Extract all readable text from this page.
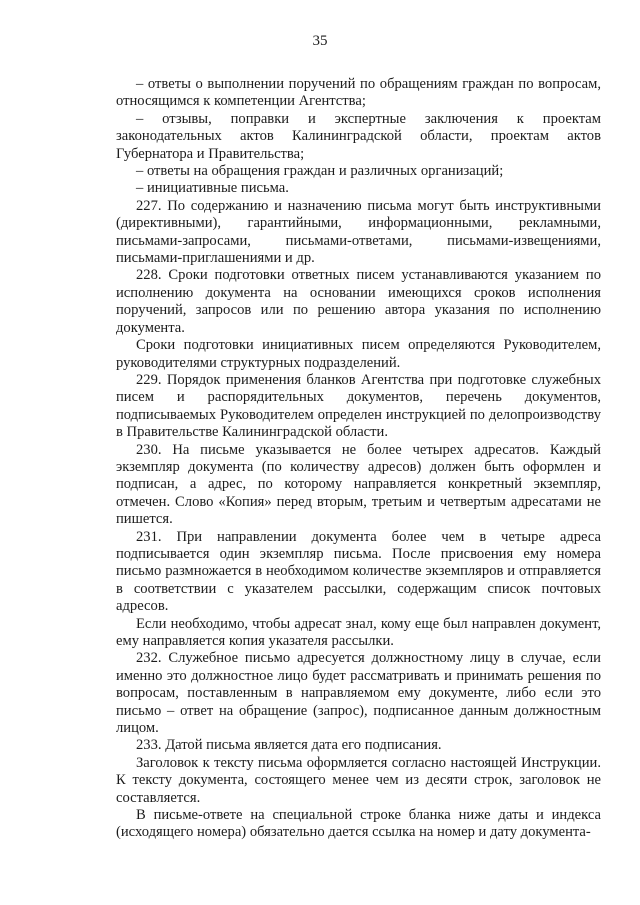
35

– ответы о выполнении поручений по обращениям граждан по вопросам, относящимся к компетенции Агентства;

– отзывы, поправки и экспертные заключения к проектам законодательных актов Калининградской области, проектам актов Губернатора и Правительства;

– ответы на обращения граждан и различных организаций;

– инициативные письма.

227. По содержанию и назначению письма могут быть инструктивными (директивными), гарантийными, информационными, рекламными, письмами-запросами, письмами-ответами, письмами-извещениями, письмами-приглашениями и др.

228. Сроки подготовки ответных писем устанавливаются указанием по исполнению документа на основании имеющихся сроков исполнения поручений, запросов или по решению автора указания по исполнению документа.

Сроки подготовки инициативных писем определяются Руководителем, руководителями структурных подразделений.

229. Порядок применения бланков Агентства при подготовке служебных писем и распорядительных документов, перечень документов, подписываемых Руководителем определен инструкцией по делопроизводству в Правительстве Калининградской области.

230. На письме указывается не более четырех адресатов. Каждый экземпляр документа (по количеству адресов) должен быть оформлен и подписан, а адрес, по которому направляется конкретный экземпляр, отмечен. Слово «Копия» перед вторым, третьим и четвертым адресатами не пишется.

231. При направлении документа более чем в четыре адреса подписывается один экземпляр письма. После присвоения ему номера письмо размножается в необходимом количестве экземпляров и отправляется в соответствии с указателем рассылки, содержащим список почтовых адресов.

Если необходимо, чтобы адресат знал, кому еще был направлен документ, ему направляется копия указателя рассылки.

232. Служебное письмо адресуется должностному лицу в случае, если именно это должностное лицо будет рассматривать и принимать решения по вопросам, поставленным в направляемом ему документе, либо если это письмо – ответ на обращение (запрос), подписанное данным должностным лицом.

233. Датой письма является дата его подписания.

Заголовок к тексту письма оформляется согласно настоящей Инструкции. К тексту документа, состоящего менее чем из десяти строк, заголовок не составляется.

В письме-ответе на специальной строке бланка ниже даты и индекса (исходящего номера) обязательно дается ссылка на номер и дату документа-
